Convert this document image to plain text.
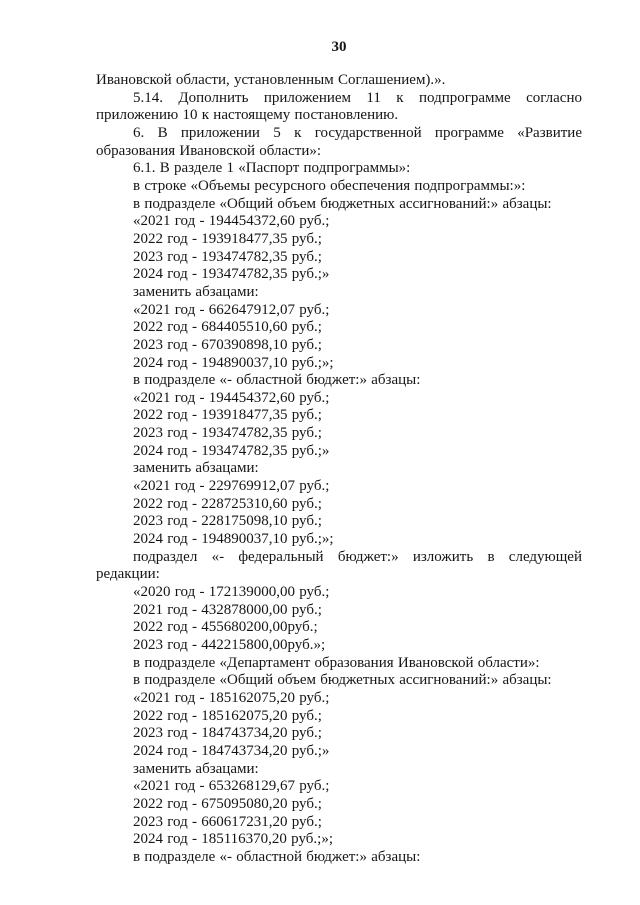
30

Ивановской области, установленным Соглашением).».

5.14. Дополнить приложением 11 к подпрограмме согласно приложению 10 к настоящему постановлению.

6. В приложении 5 к государственной программе «Развитие образования Ивановской области»:

6.1. В разделе 1 «Паспорт подпрограммы»:

в строке «Объемы ресурсного обеспечения подпрограммы:»:

в подразделе «Общий объем бюджетных ассигнований:» абзацы:

«2021 год - 194454372,60 руб.;

2022 год - 193918477,35 руб.;

2023 год - 193474782,35 руб.;

2024 год - 193474782,35 руб.;»

заменить абзацами:

«2021 год - 662647912,07 руб.;

2022 год - 684405510,60 руб.;

2023 год - 670390898,10 руб.;

2024 год - 194890037,10 руб.;»;

в подразделе «- областной бюджет:» абзацы:

«2021 год - 194454372,60 руб.;

2022 год - 193918477,35 руб.;

2023 год - 193474782,35 руб.;

2024 год - 193474782,35 руб.;»

заменить абзацами:

«2021 год - 229769912,07 руб.;

2022 год - 228725310,60 руб.;

2023 год - 228175098,10 руб.;

2024 год - 194890037,10 руб.;»;

подраздел «- федеральный бюджет:» изложить в следующей редакции:

«2020 год - 172139000,00 руб.;

2021 год - 432878000,00 руб.;

2022 год - 455680200,00руб.;

2023 год - 442215800,00руб.»;

в подразделе «Департамент образования Ивановской области»:

в подразделе «Общий объем бюджетных ассигнований:» абзацы:

«2021 год - 185162075,20 руб.;

2022 год - 185162075,20 руб.;

2023 год - 184743734,20 руб.;

2024 год - 184743734,20 руб.;»

заменить абзацами:

«2021 год - 653268129,67 руб.;

2022 год - 675095080,20 руб.;

2023 год - 660617231,20 руб.;

2024 год - 185116370,20 руб.;»;

в подразделе «- областной бюджет:» абзацы:
